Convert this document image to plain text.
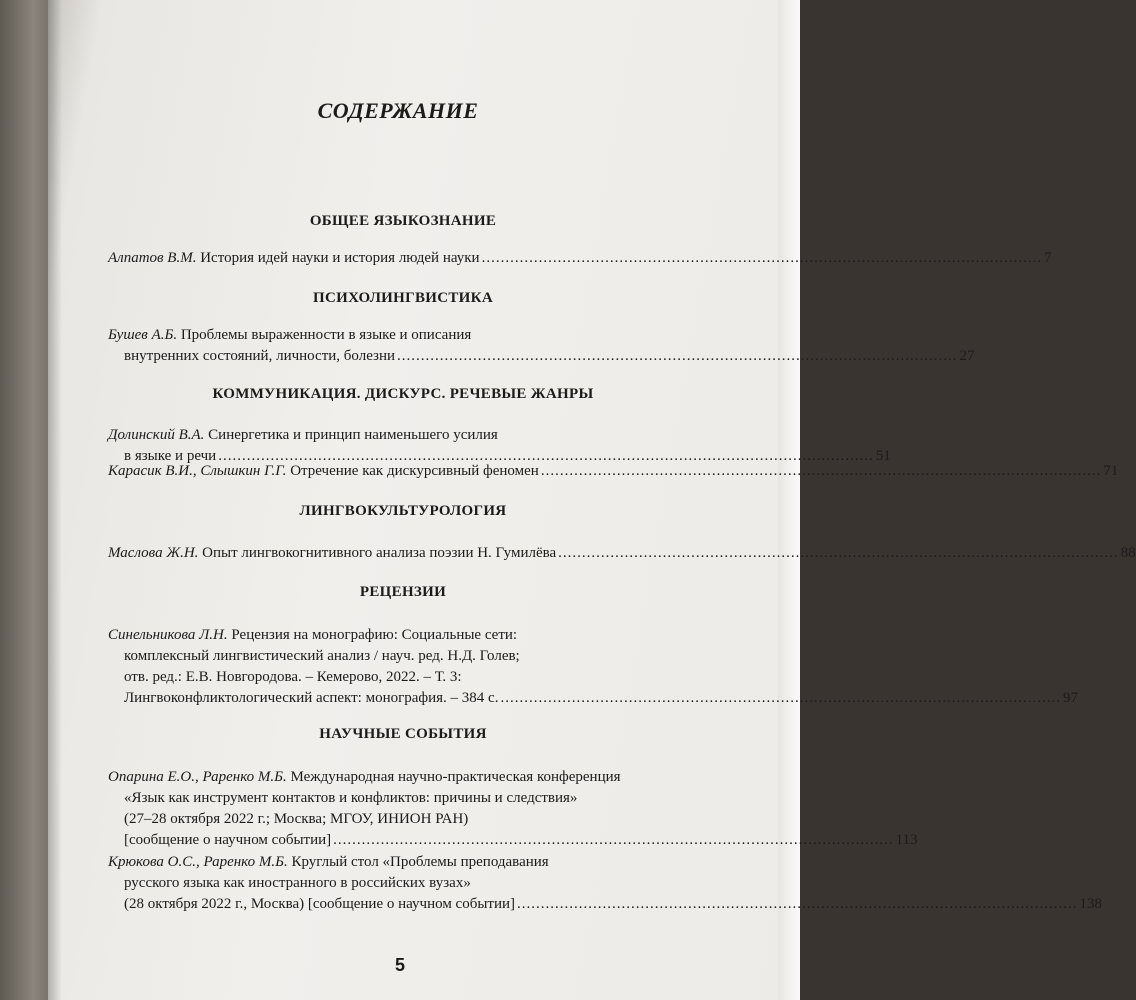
СОДЕРЖАНИЕ
ОБЩЕЕ ЯЗЫКОЗНАНИЕ
Алпатов В.М.
История идей науки и история людей науки ...................................................................................................................... 7
ПСИХОЛИНГВИСТИКА
Бушев А.Б. Проблемы выраженности в языке и описания
внутренних состояний, личности, болезни ...................................................................................................................... 27
КОММУНИКАЦИЯ. ДИСКУРС. РЕЧЕВЫЕ ЖАНРЫ
Долинский В.А. Синергетика и принцип наименьшего усилия
в языке и речи .......................................................................................................................................... 51
Карасик В.И., Слышкин Г.Г.
Отречение как дискурсивный феномен ...................................................................................................................... 71
ЛИНГВОКУЛЬТУРОЛОГИЯ
Маслова Ж.Н.
Опыт лингвокогнитивного анализа поэзии Н. Гумилёва ...................................................................................................................... 88
РЕЦЕНЗИИ
Синельникова Л.Н. Рецензия на монографию: Социальные сети:
комплексный лингвистический анализ / науч. ред. Н.Д. Голев;
отв. ред.: Е.В. Новгородова. – Кемерово, 2022. – Т. 3:
Лингвоконфликтологический аспект: монография. – 384 с. ...................................................................................................................... 97
НАУЧНЫЕ СОБЫТИЯ
Опарина Е.О., Раренко М.Б. Международная научно-практическая конференция
«Язык как инструмент контактов и конфликтов: причины и следствия»
(27–28 октября 2022 г.; Москва; МГОУ, ИНИОН РАН)
[сообщение о научном событии] ...................................................................................................................... 113
Крюкова О.С., Раренко М.Б. Круглый стол «Проблемы преподавания
русского языка как иностранного в российских вузах»
(28 октября 2022 г., Москва) [сообщение о научном событии] ...................................................................................................................... 138
5
